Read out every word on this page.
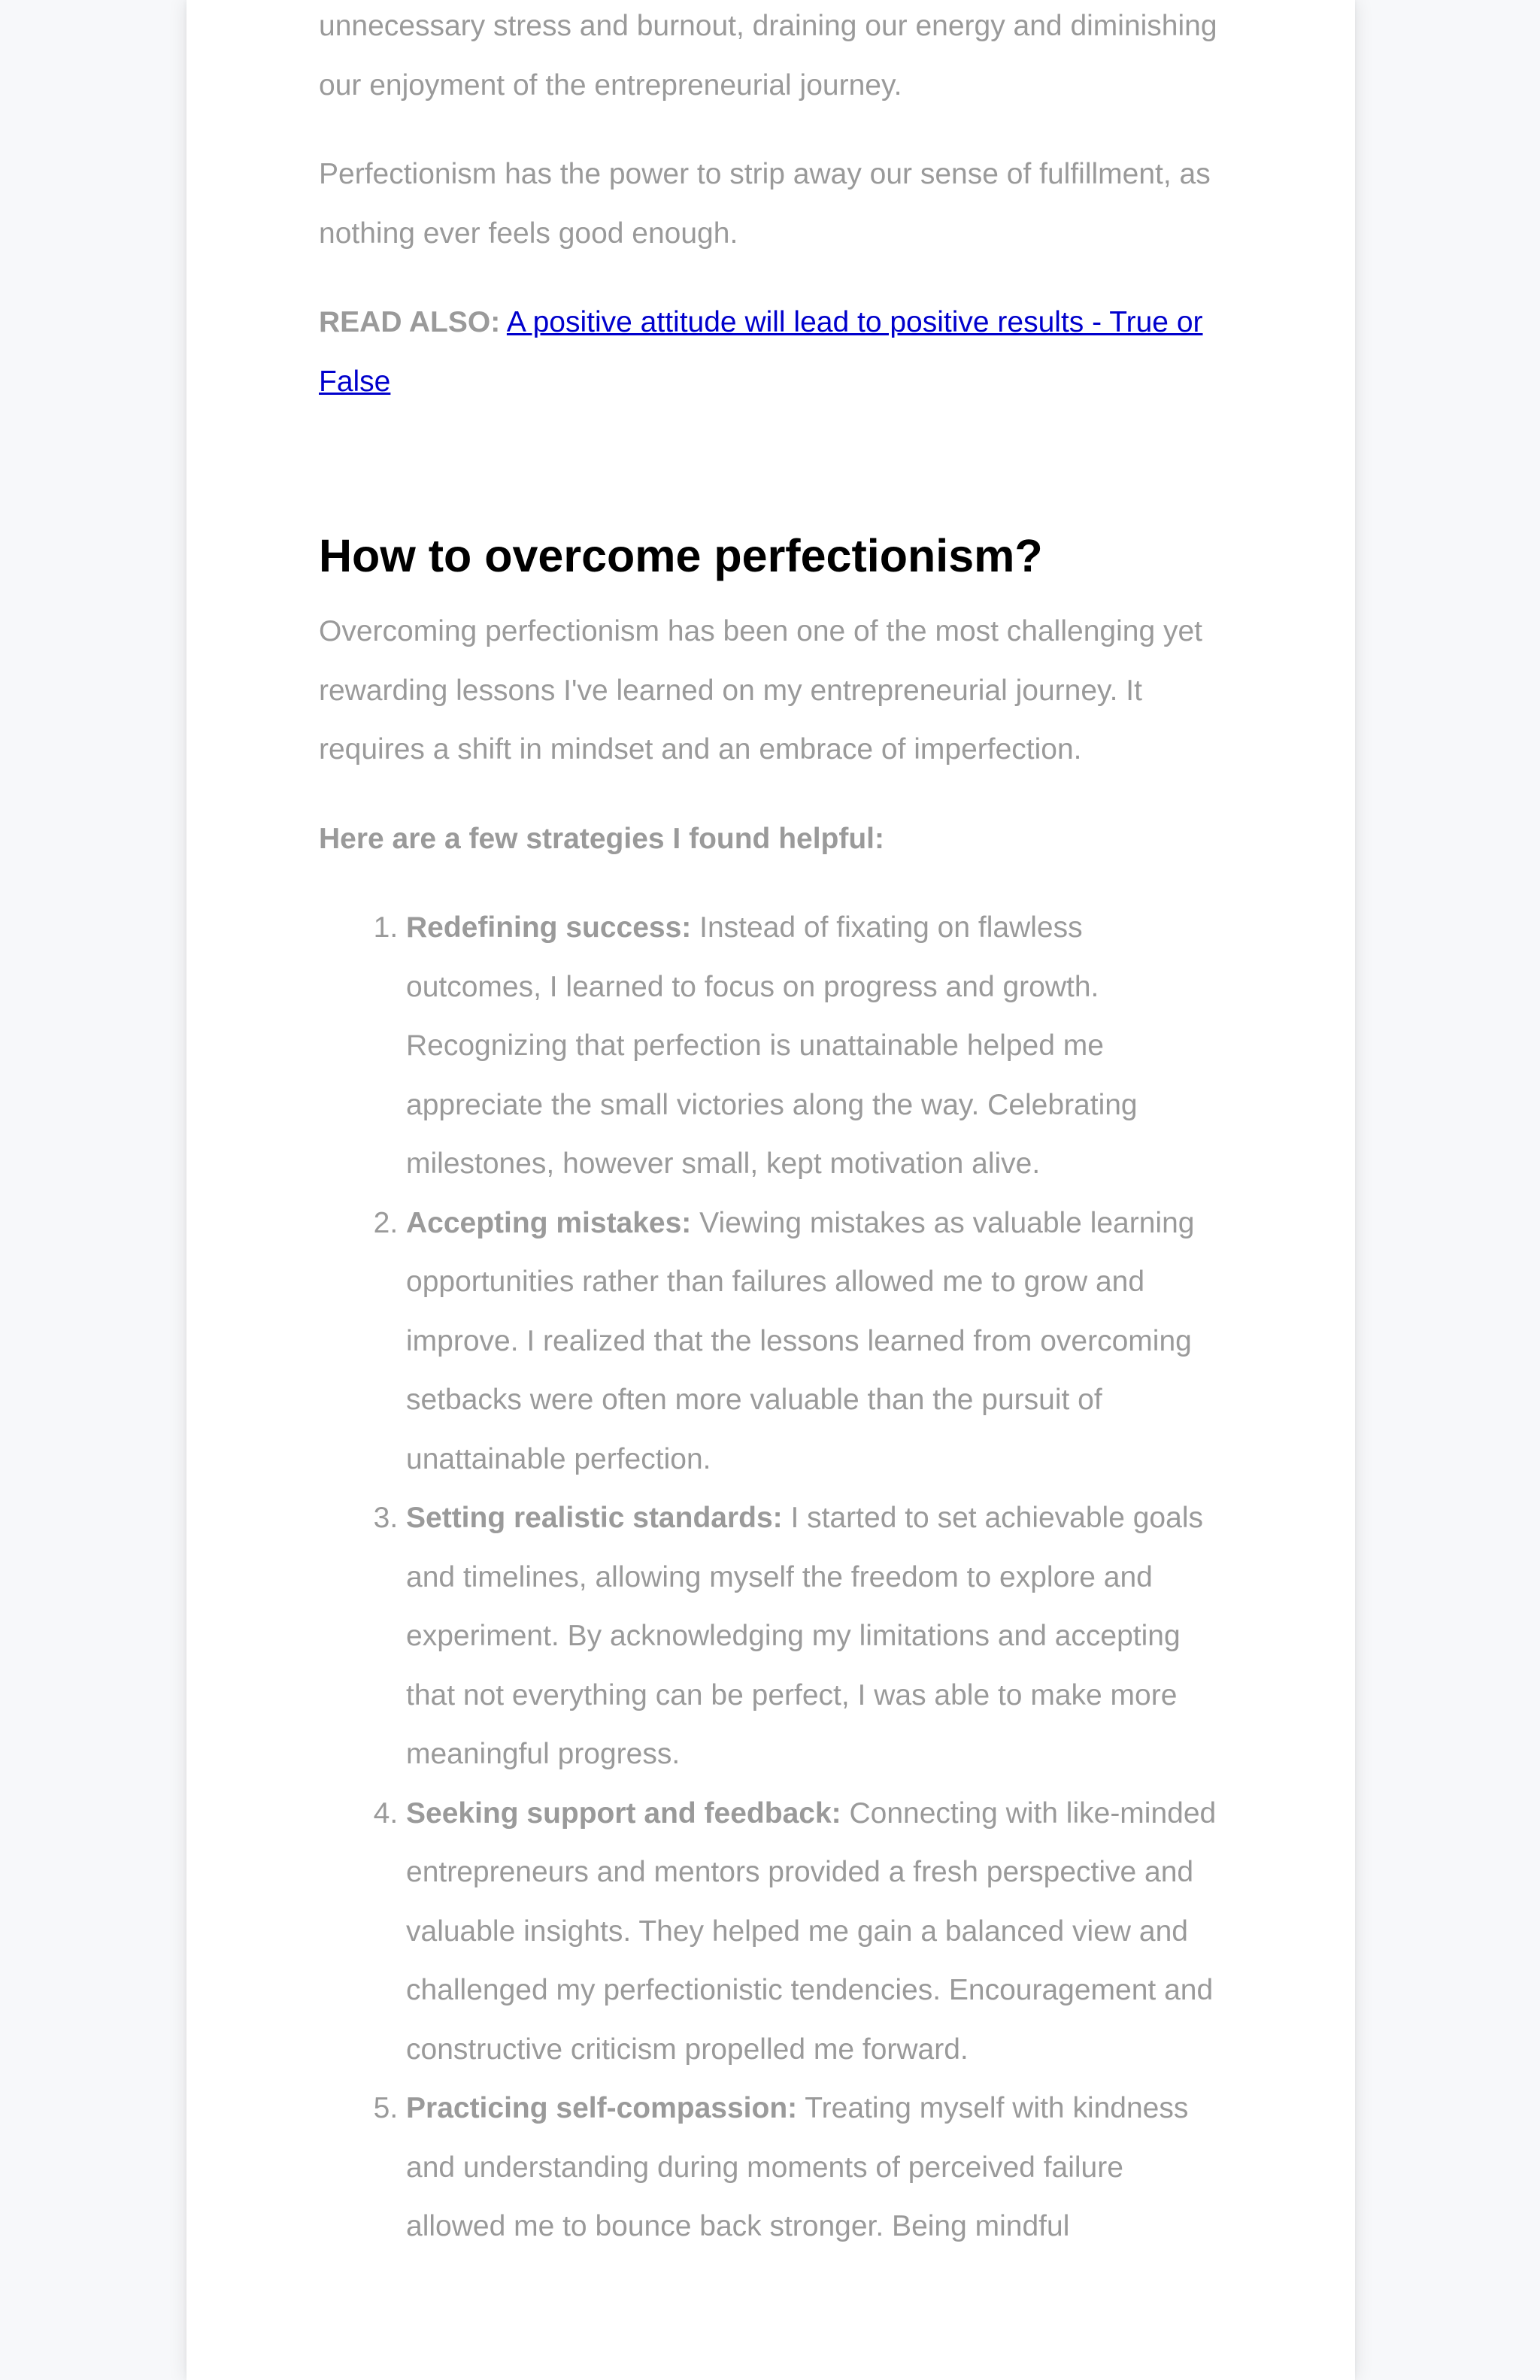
unnecessary stress and burnout, draining our energy and diminishing our enjoyment of the entrepreneurial journey.

Perfectionism has the power to strip away our sense of fulfillment, as nothing ever feels good enough.

READ ALSO: A positive attitude will lead to positive results - True or False

How to overcome perfectionism?

Overcoming perfectionism has been one of the most challenging yet rewarding lessons I've learned on my entrepreneurial journey. It requires a shift in mindset and an embrace of imperfection.

Here are a few strategies I found helpful:

1. Redefining success: Instead of fixating on flawless outcomes, I learned to focus on progress and growth. Recognizing that perfection is unattainable helped me appreciate the small victories along the way. Celebrating milestones, however small, kept motivation alive.
2. Accepting mistakes: Viewing mistakes as valuable learning opportunities rather than failures allowed me to grow and improve. I realized that the lessons learned from overcoming setbacks were often more valuable than the pursuit of unattainable perfection.
3. Setting realistic standards: I started to set achievable goals and timelines, allowing myself the freedom to explore and experiment. By acknowledging my limitations and accepting that not everything can be perfect, I was able to make more meaningful progress.
4. Seeking support and feedback: Connecting with like-minded entrepreneurs and mentors provided a fresh perspective and valuable insights. They helped me gain a balanced view and challenged my perfectionistic tendencies. Encouragement and constructive criticism propelled me forward.
5. Practicing self-compassion: Treating myself with kindness and understanding during moments of perceived failure allowed me to bounce back stronger. Being mindful
